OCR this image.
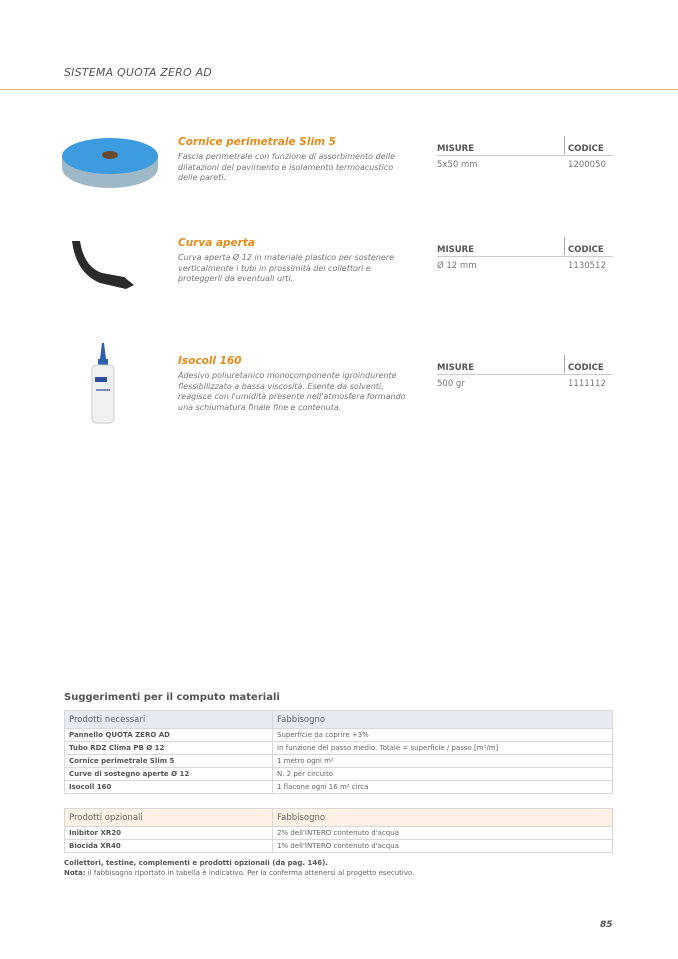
SISTEMA QUOTA ZERO AD
Cornice perimetrale Slim 5
Fascia perimetrale con funzione di assorbimento delle dilatazioni del pavimento e isolamento termoacustico delle pareti.
MISURE	CODICE
5x50 mm	1200050
Curva aperta
Curva aperta Ø 12 in materiale plastico per sostenere verticalmente i tubi in prossimità dei collettori e proteggerli da eventuali urti.
MISURE	CODICE
Ø 12 mm	1130512
Isocoll 160
Adesivo poliuretanico monocomponente igroindurente flessibilizzato a bassa viscosità. Esente da solventi, reagisce con l'umidità presente nell'atmosfera formando una schiumatura finale fine e contenuta.
MISURE	CODICE
500 gr	1111112
Suggerimenti per il computo materiali
Prodotti necessari	Fabbisogno
Pannello QUOTA ZERO AD	Superficie da coprire +3%
Tubo RDZ Clima PB Ø 12	In funzione del passo medio. Totale = superficie / passo [m²/m]
Cornice perimetrale Slim 5	1 metro ogni m²
Curve di sostegno aperte Ø 12	N. 2 per circuito
Isocoll 160	1 flacone ogni 16 m² circa
Prodotti opzionali	Fabbisogno
Inibitor XR20	2% dell'INTERO contenuto d'acqua
Biocida XR40	1% dell'INTERO contenuto d'acqua
Collettori, testine, complementi e prodotti opzionali (da pag. 146).
Nota: il fabbisogno riportato in tabella è indicativo. Per la conferma attenersi al progetto esecutivo.
85
